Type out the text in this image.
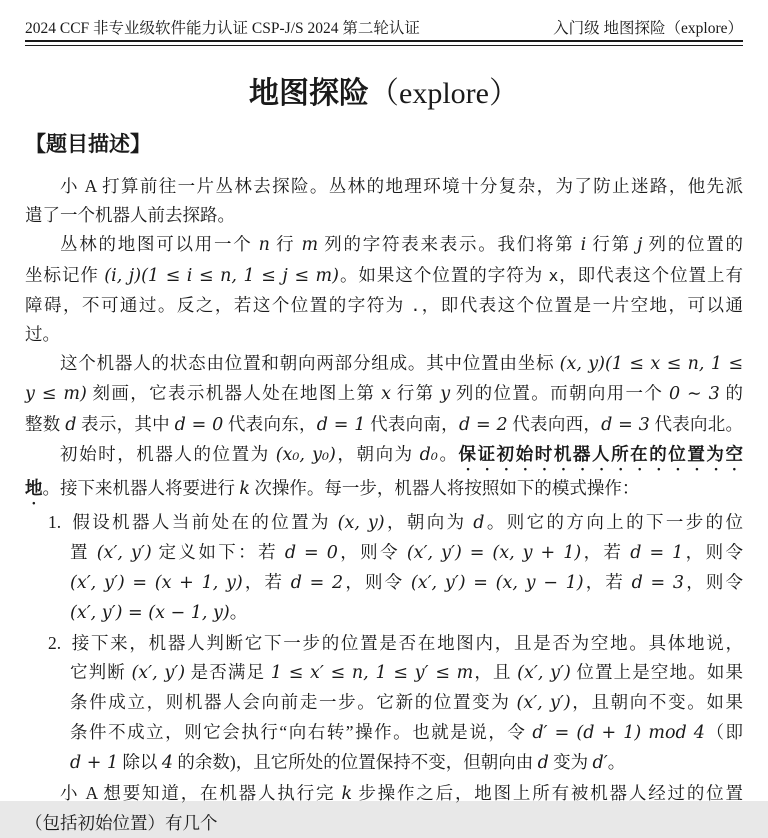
2024 CCF 非专业级软件能力认证 CSP-J/S 2024 第二轮认证	入门级 地图探险（explore）
地图探险（explore）
【题目描述】
小 A 打算前往一片丛林去探险。丛林的地理环境十分复杂，为了防止迷路，他先派
遣了一个机器人前去探路。
丛林的地图可以用一个 n 行 m 列的字符表来表示。我们将第 i 行第 j 列的位置的
坐标记作 (i, j)(1 ≤ i ≤ n, 1 ≤ j ≤ m)。如果这个位置的字符为 x，即代表这个位置上有
障碍，不可通过。反之，若这个位置的字符为 .，即代表这个位置是一片空地，可以通
过。
这个机器人的状态由位置和朝向两部分组成。其中位置由坐标 (x, y)(1 ≤ x ≤ n, 1 ≤
y ≤ m) 刻画，它表示机器人处在地图上第 x 行第 y 列的位置。而朝向用一个 0 ∼ 3 的
整数 d 表示，其中 d = 0 代表向东，d = 1 代表向南，d = 2 代表向西，d = 3 代表向北。
初始时，机器人的位置为 (x₀, y₀)，朝向为 d₀。保证初始时机器人所在的位置为空
地。接下来机器人将要进行 k 次操作。每一步，机器人将按照如下的模式操作：
1. 假设机器人当前处在的位置为 (x, y)，朝向为 d。则它的方向上的下一步的位
置 (x′, y′) 定义如下：若 d = 0，则令 (x′, y′) = (x, y + 1)，若 d = 1，则令
(x′, y′) = (x + 1, y)，若 d = 2，则令 (x′, y′) = (x, y − 1)，若 d = 3，则令
(x′, y′) = (x − 1, y)。
2. 接下来，机器人判断它下一步的位置是否在地图内，且是否为空地。具体地说，
它判断 (x′, y′) 是否满足 1 ≤ x′ ≤ n, 1 ≤ y′ ≤ m，且 (x′, y′) 位置上是空地。如果
条件成立，则机器人会向前走一步。它新的位置变为 (x′, y′)，且朝向不变。如果
条件不成立，则它会执行“向右转”操作。也就是说，令 d′ = (d + 1) mod 4（即
d + 1 除以 4 的余数)，且它所处的位置保持不变，但朝向由 d 变为 d′。
小 A 想要知道，在机器人执行完 k 步操作之后，地图上所有被机器人经过的位置
（包括初始位置）有几个
